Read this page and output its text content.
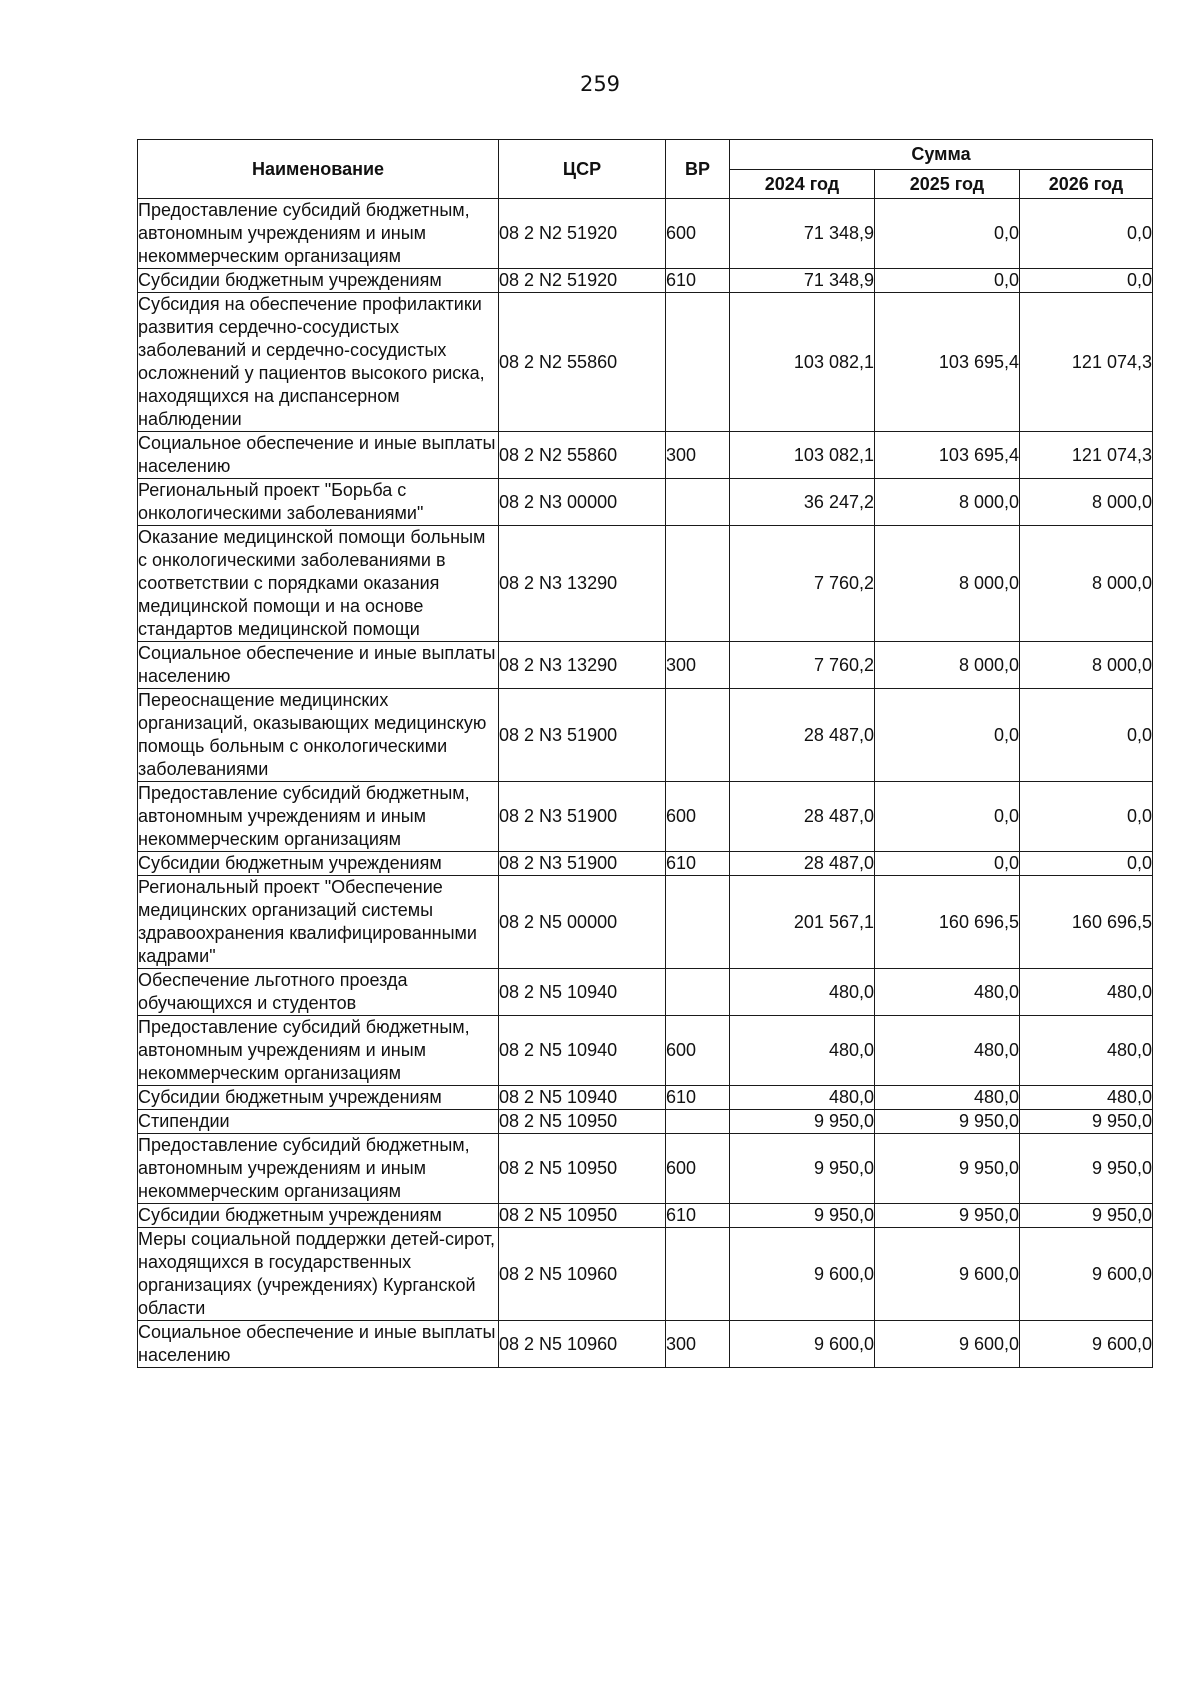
259
Наименование	ЦСР	ВР	Сумма		
			2024 год	2025 год	2026 год
Предоставление субсидий бюджетным, автономным учреждениям и иным некоммерческим организациям	08 2 N2 51920	600	71 348,9	0,0	0,0
Субсидии бюджетным учреждениям	08 2 N2 51920	610	71 348,9	0,0	0,0
Субсидия на обеспечение профилактики развития сердечно-сосудистых заболеваний и сердечно-сосудистых осложнений у пациентов высокого риска, находящихся на диспансерном наблюдении	08 2 N2 55860		103 082,1	103 695,4	121 074,3
Социальное обеспечение и иные выплаты населению	08 2 N2 55860	300	103 082,1	103 695,4	121 074,3
Региональный проект "Борьба с онкологическими заболеваниями"	08 2 N3 00000		36 247,2	8 000,0	8 000,0
Оказание медицинской помощи больным с онкологическими заболеваниями в соответствии с порядками оказания медицинской помощи и на основе стандартов медицинской помощи	08 2 N3 13290		7 760,2	8 000,0	8 000,0
Социальное обеспечение и иные выплаты населению	08 2 N3 13290	300	7 760,2	8 000,0	8 000,0
Переоснащение медицинских организаций, оказывающих медицинскую помощь больным с онкологическими заболеваниями	08 2 N3 51900		28 487,0	0,0	0,0
Предоставление субсидий бюджетным, автономным учреждениям и иным некоммерческим организациям	08 2 N3 51900	600	28 487,0	0,0	0,0
Субсидии бюджетным учреждениям	08 2 N3 51900	610	28 487,0	0,0	0,0
Региональный проект "Обеспечение медицинских организаций системы здравоохранения квалифицированными кадрами"	08 2 N5 00000		201 567,1	160 696,5	160 696,5
Обеспечение льготного проезда обучающихся и студентов	08 2 N5 10940		480,0	480,0	480,0
Предоставление субсидий бюджетным, автономным учреждениям и иным некоммерческим организациям	08 2 N5 10940	600	480,0	480,0	480,0
Субсидии бюджетным учреждениям	08 2 N5 10940	610	480,0	480,0	480,0
Стипендии	08 2 N5 10950		9 950,0	9 950,0	9 950,0
Предоставление субсидий бюджетным, автономным учреждениям и иным некоммерческим организациям	08 2 N5 10950	600	9 950,0	9 950,0	9 950,0
Субсидии бюджетным учреждениям	08 2 N5 10950	610	9 950,0	9 950,0	9 950,0
Меры социальной поддержки детей-сирот, находящихся в государственных организациях (учреждениях) Курганской области	08 2 N5 10960		9 600,0	9 600,0	9 600,0
Социальное обеспечение и иные выплаты населению	08 2 N5 10960	300	9 600,0	9 600,0	9 600,0
